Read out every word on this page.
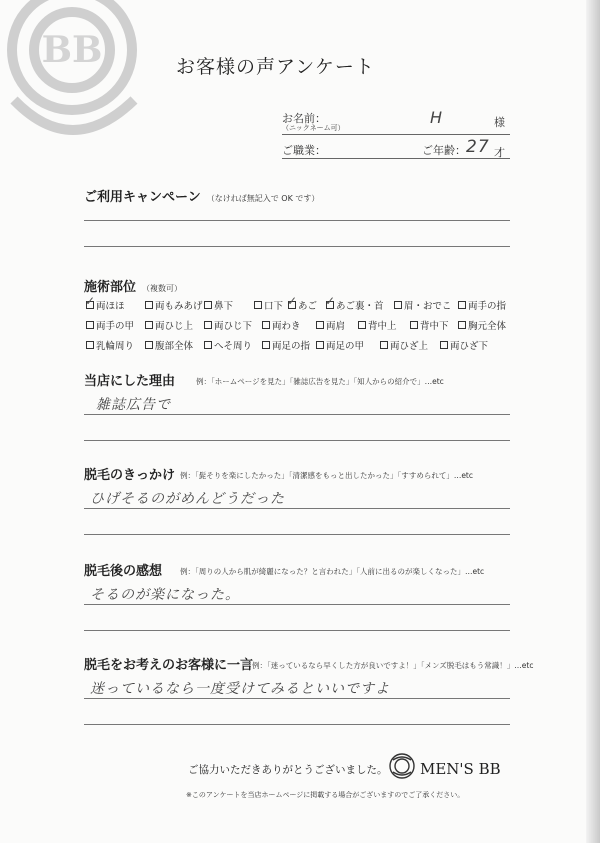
BB	お客様の声アンケート
お名前：
（ニックネーム可）
H	様
ご職業：	ご年齢： 27 才
ご利用キャンペーン （なければ無記入で OK です）
施術部位 （複数可）
✓ 両ほほ	両もみあげ 鼻下	口下 ✓ あご ✓ あご裏・首 眉・おでこ 両手の指
両手の甲 両ひじ上 両ひじ下 両わき	両肩 背中上 背中下 胸元全体
乳輪周り 腹部全体 へそ周り 両足の指 両足の甲	両ひざ上 両ひざ下
当店にした理由	例：「ホームページを見た」「雑誌広告を見た」「知人からの紹介で」…etc
雑誌広告で
脱毛のきっかけ 例：「髭そりを楽にしたかった」「清潔感をもっと出したかった」「すすめられて」…etc
ひげそるのがめんどうだった
脱毛後の感想 例：「周りの人から肌が綺麗になった？と言われた」「人前に出るのが楽しくなった」…etc
そるのが楽になった。
脱毛をお考えのお客様に一言
例：「迷っているなら早くした方が良いですよ！」「メンズ脱毛はもう常識！」…etc
迷っているなら一度受けてみるといいですよ
ご協力いただきありがとうございました。 MEN'S BB
※このアンケートを当店ホームページに掲載する場合がございますのでご了承ください。
